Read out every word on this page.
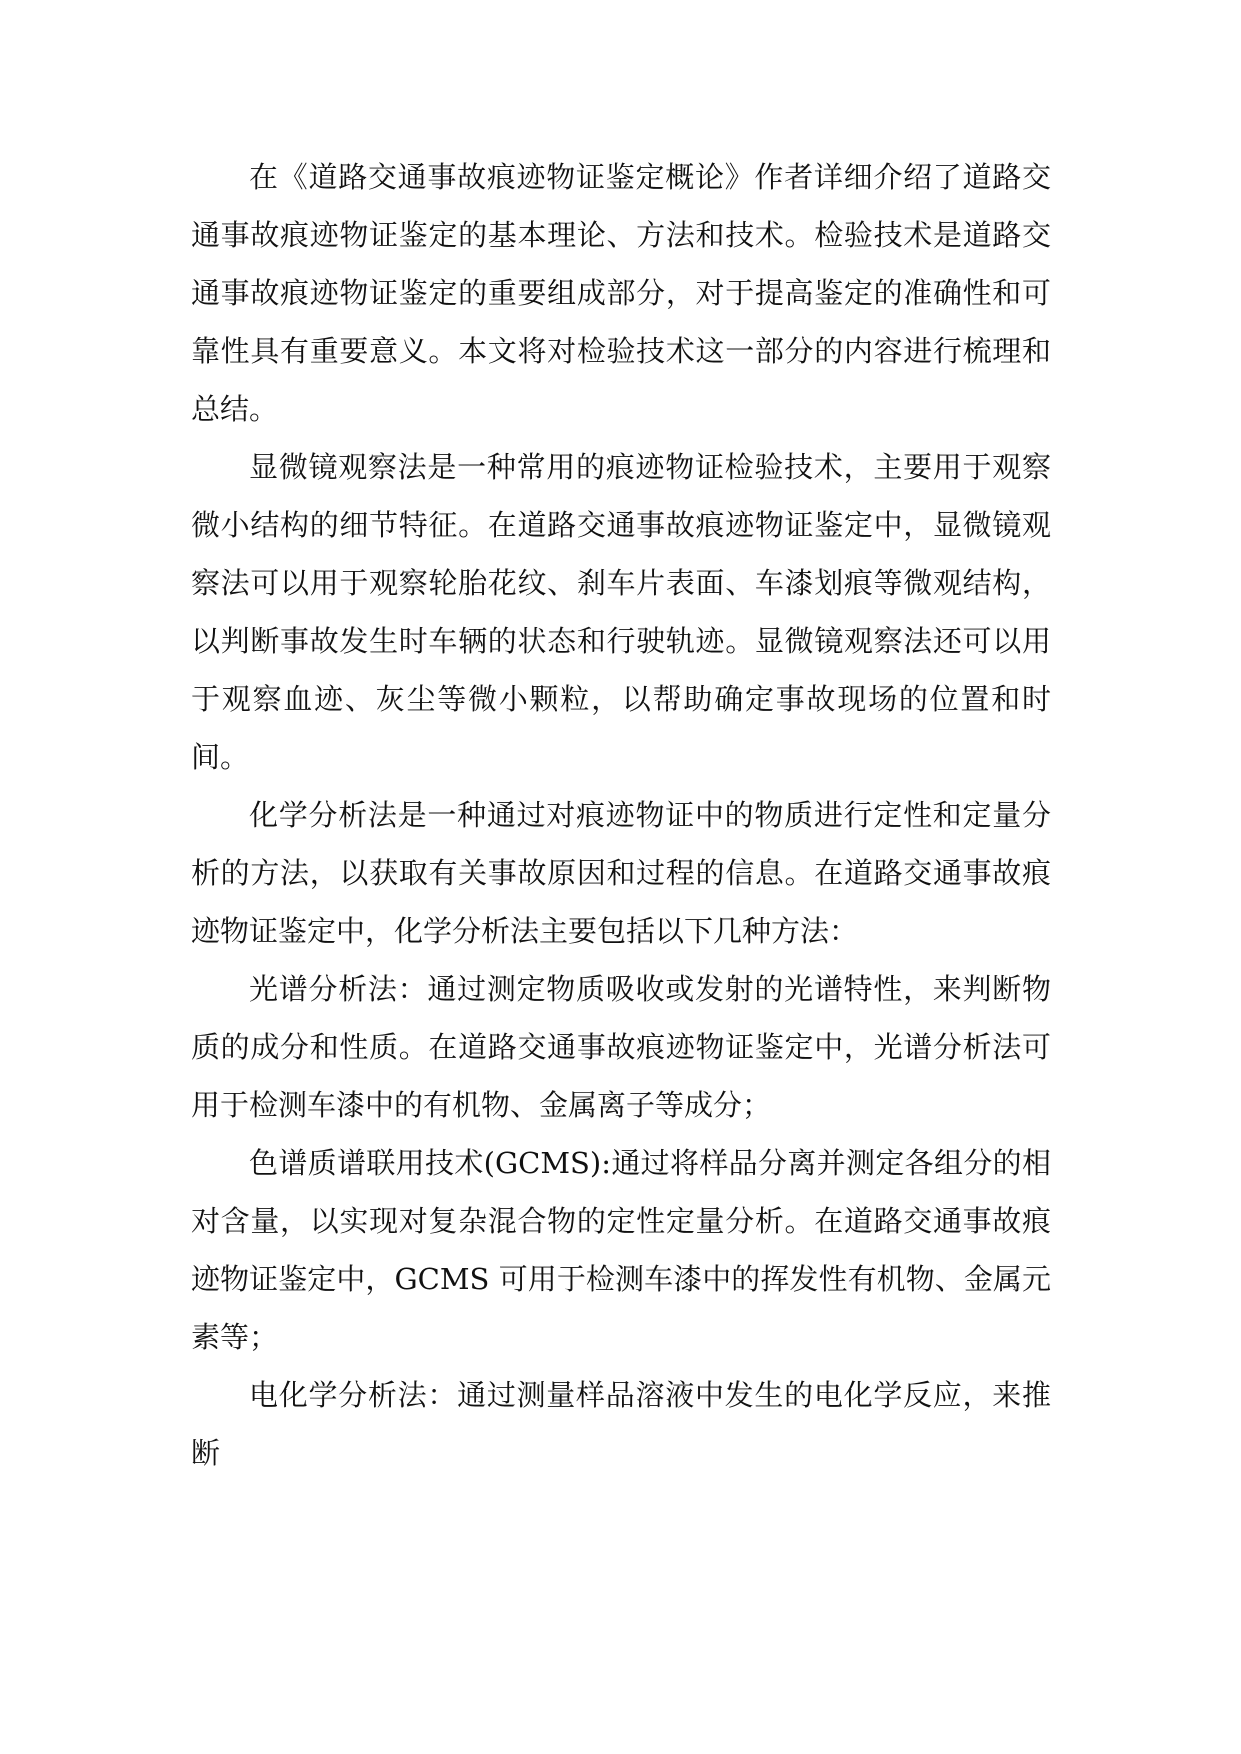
在《道路交通事故痕迹物证鉴定概论》作者详细介绍了道路交通事故痕迹物证鉴定的基本理论、方法和技术。检验技术是道路交通事故痕迹物证鉴定的重要组成部分，对于提高鉴定的准确性和可靠性具有重要意义。本文将对检验技术这一部分的内容进行梳理和总结。

显微镜观察法是一种常用的痕迹物证检验技术，主要用于观察微小结构的细节特征。在道路交通事故痕迹物证鉴定中，显微镜观察法可以用于观察轮胎花纹、刹车片表面、车漆划痕等微观结构，以判断事故发生时车辆的状态和行驶轨迹。显微镜观察法还可以用于观察血迹、灰尘等微小颗粒，以帮助确定事故现场的位置和时间。

化学分析法是一种通过对痕迹物证中的物质进行定性和定量分析的方法，以获取有关事故原因和过程的信息。在道路交通事故痕迹物证鉴定中，化学分析法主要包括以下几种方法：

光谱分析法：通过测定物质吸收或发射的光谱特性，来判断物质的成分和性质。在道路交通事故痕迹物证鉴定中，光谱分析法可用于检测车漆中的有机物、金属离子等成分；

色谱质谱联用技术(GCMS):通过将样品分离并测定各组分的相对含量，以实现对复杂混合物的定性定量分析。在道路交通事故痕迹物证鉴定中，GCMS 可用于检测车漆中的挥发性有机物、金属元素等；

电化学分析法：通过测量样品溶液中发生的电化学反应，来推断
